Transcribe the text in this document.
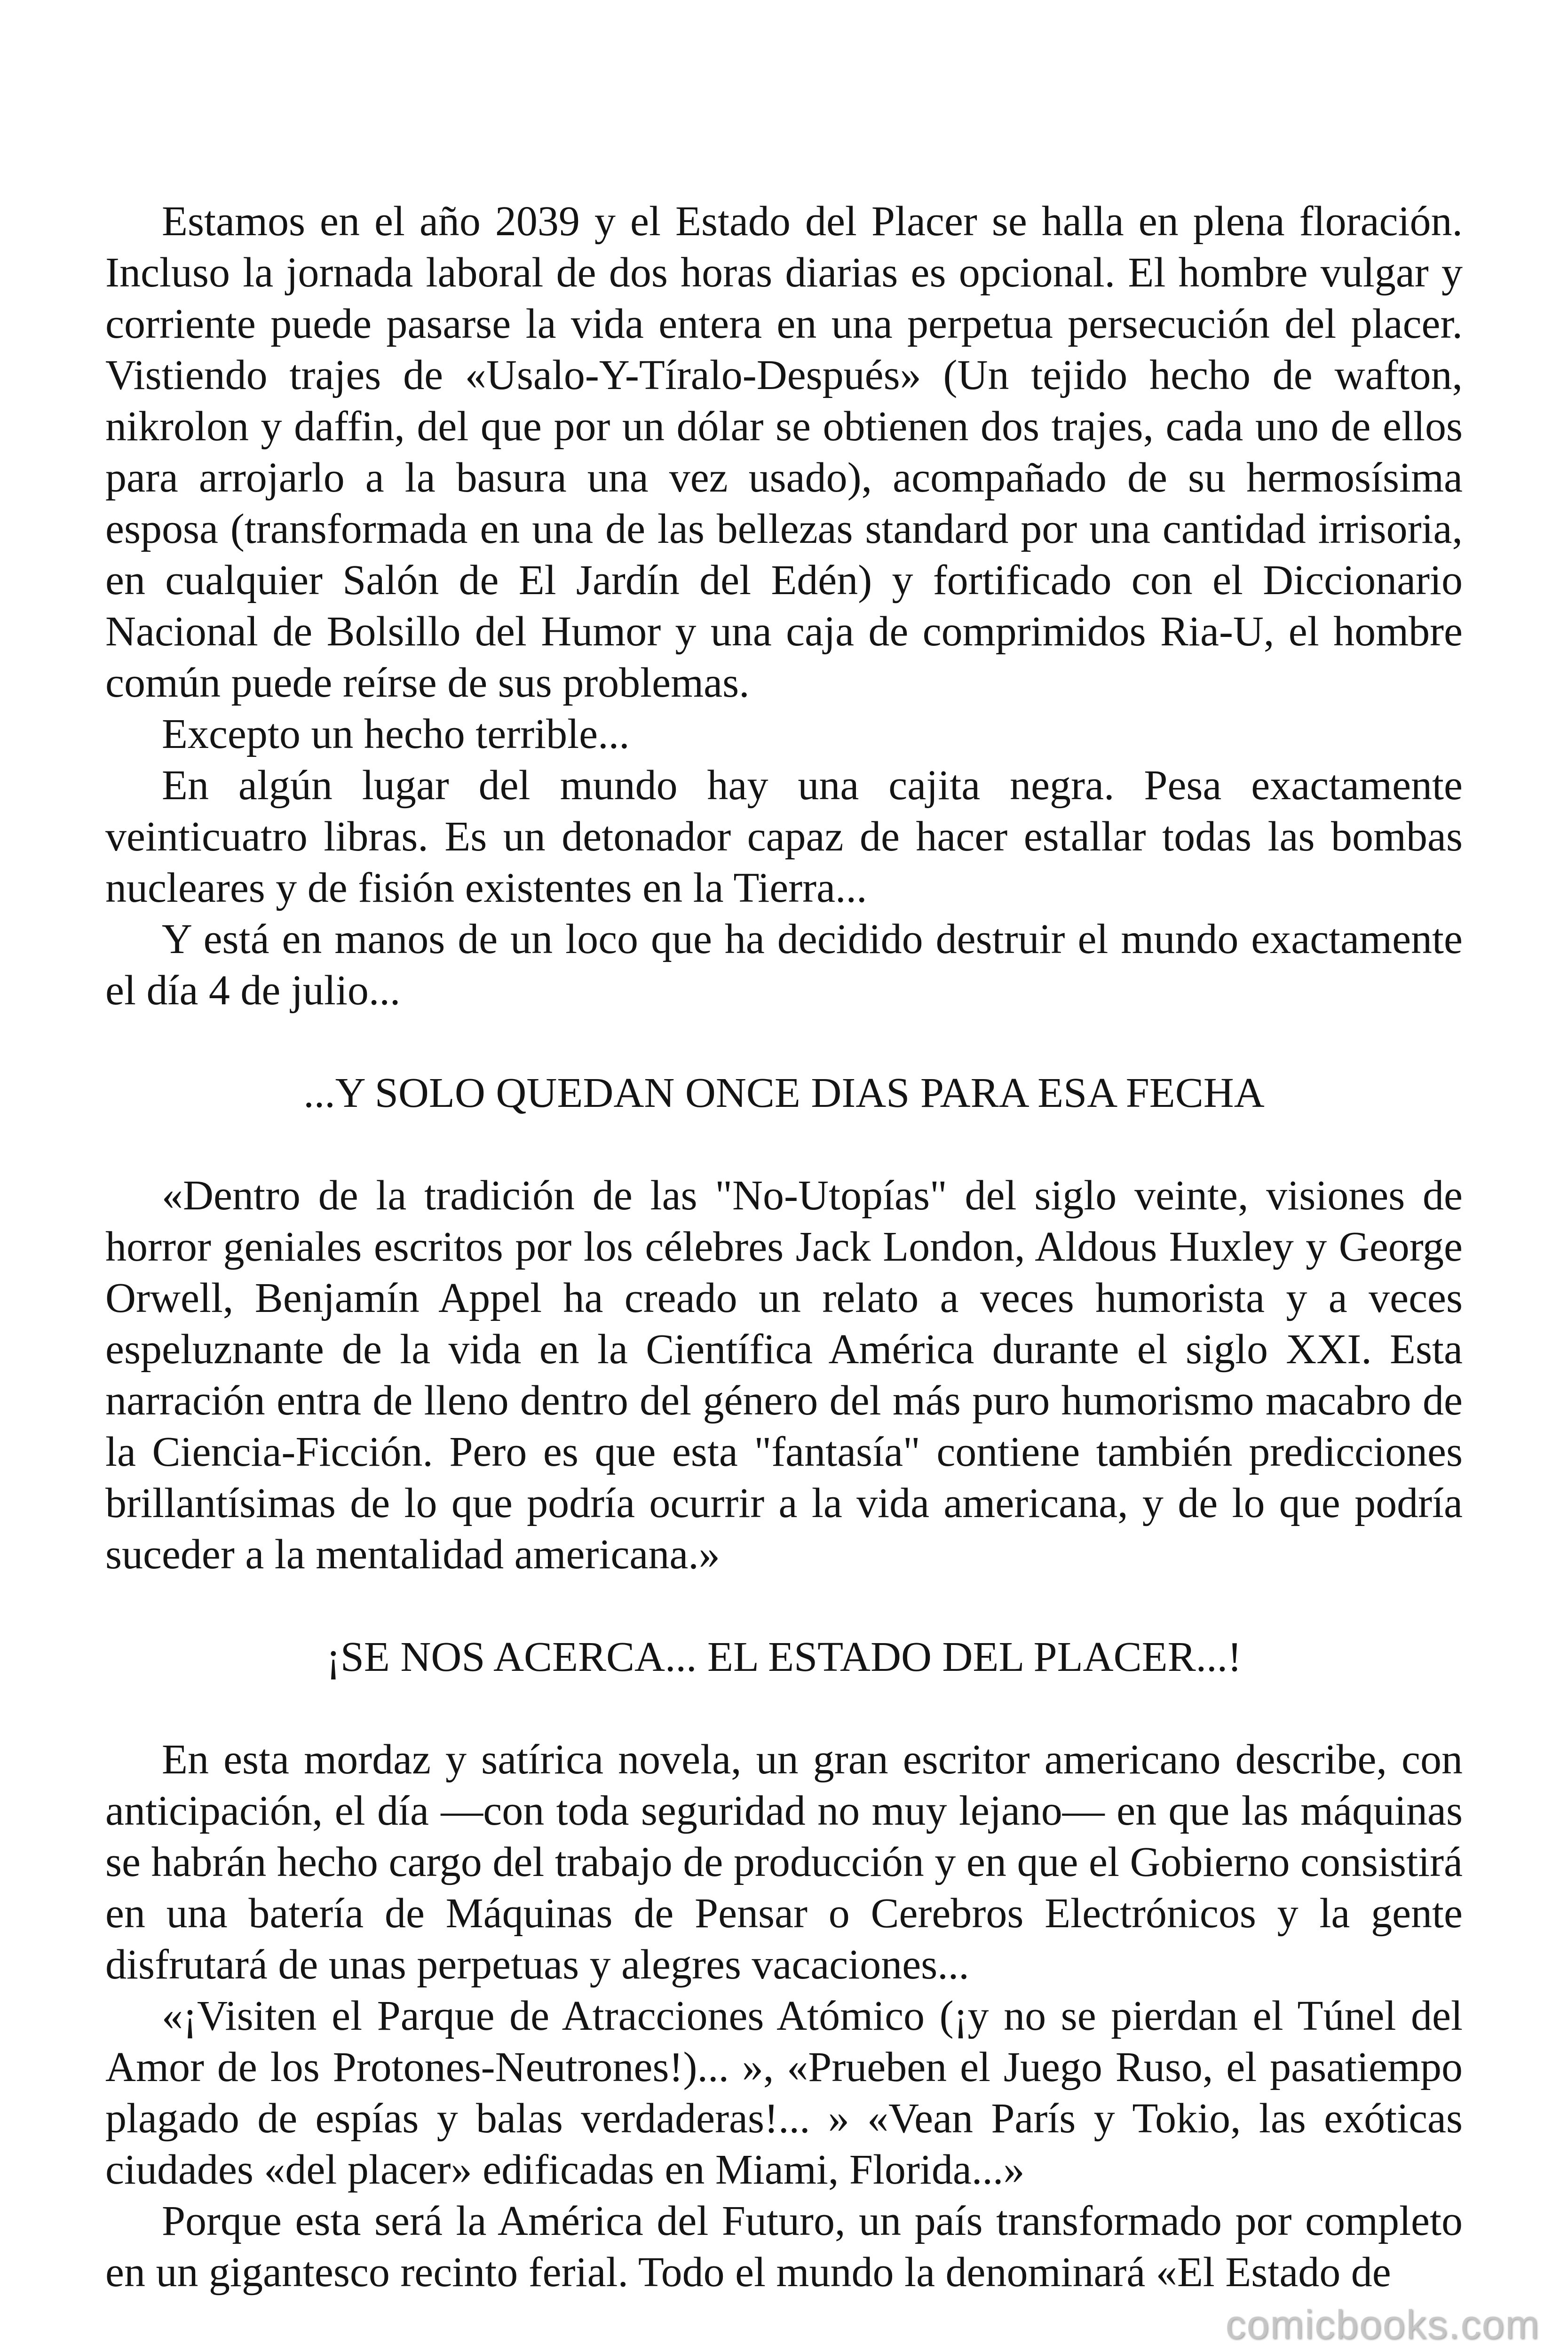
Estamos en el año 2039 y el Estado del Placer se halla en plena floración. Incluso la jornada laboral de dos horas diarias es opcional. El hombre vulgar y corriente puede pasarse la vida entera en una perpetua persecución del placer. Vistiendo trajes de «Usalo-Y-Tíralo-Después» (Un tejido hecho de wafton, nikrolon y daffin, del que por un dólar se obtienen dos trajes, cada uno de ellos para arrojarlo a la basura una vez usado), acompañado de su hermosísima esposa (transformada en una de las bellezas standard por una cantidad irrisoria, en cualquier Salón de El Jardín del Edén) y fortificado con el Diccionario Nacional de Bolsillo del Humor y una caja de comprimidos Ria-U, el hombre común puede reírse de sus problemas.

Excepto un hecho terrible...

En algún lugar del mundo hay una cajita negra. Pesa exactamente veinticuatro libras. Es un detonador capaz de hacer estallar todas las bombas nucleares y de fisión existentes en la Tierra...

Y está en manos de un loco que ha decidido destruir el mundo exactamente el día 4 de julio...

...Y SOLO QUEDAN ONCE DIAS PARA ESA FECHA

«Dentro de la tradición de las "No-Utopías" del siglo veinte, visiones de horror geniales escritos por los célebres Jack London, Aldous Huxley y George Orwell, Benjamín Appel ha creado un relato a veces humorista y a veces espeluznante de la vida en la Científica América durante el siglo XXI. Esta narración entra de lleno dentro del género del más puro humorismo macabro de la Ciencia-Ficción. Pero es que esta "fantasía" contiene también predicciones brillantísimas de lo que podría ocurrir a la vida americana, y de lo que podría suceder a la mentalidad americana.»

¡SE NOS ACERCA... EL ESTADO DEL PLACER...!

En esta mordaz y satírica novela, un gran escritor americano describe, con anticipación, el día —con toda seguridad no muy lejano— en que las máquinas se habrán hecho cargo del trabajo de producción y en que el Gobierno consistirá en una batería de Máquinas de Pensar o Cerebros Electrónicos y la gente disfrutará de unas perpetuas y alegres vacaciones...

«¡Visiten el Parque de Atracciones Atómico (¡y no se pierdan el Túnel del Amor de los Protones-Neutrones!)... », «Prueben el Juego Ruso, el pasatiempo plagado de espías y balas verdaderas!... » «Vean París y Tokio, las exóticas ciudades «del placer» edificadas en Miami, Florida...»

Porque esta será la América del Futuro, un país transformado por completo en un gigantesco recinto ferial. Todo el mundo la denominará «El Estado de

comicbooks.com
